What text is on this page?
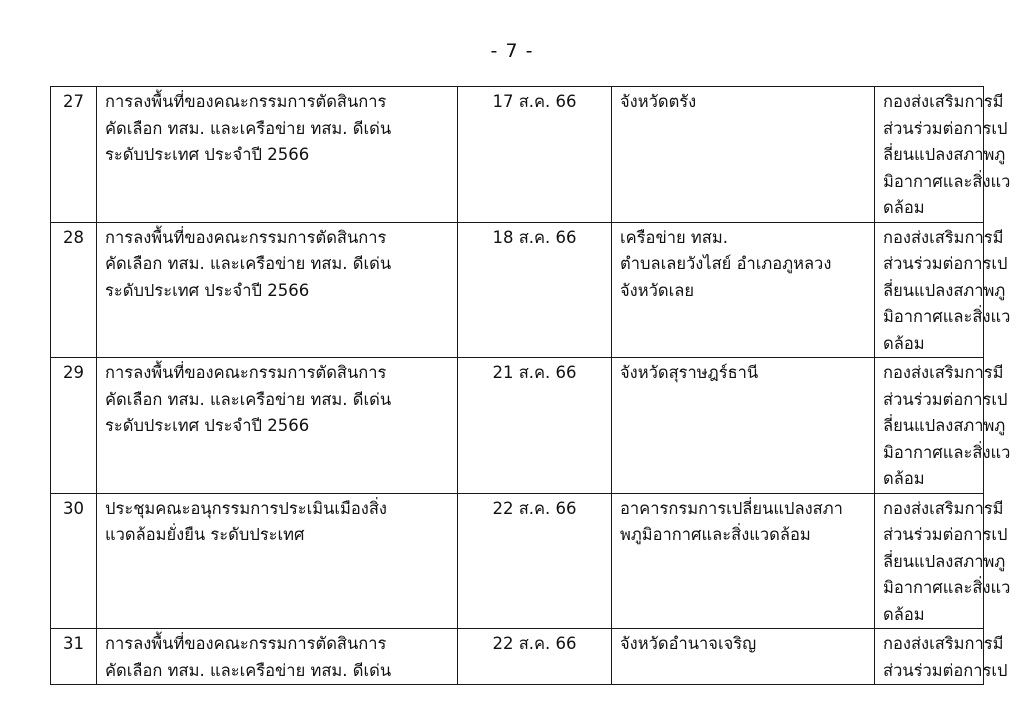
- 7 -
27	การลงพื้นที่ของคณะกรรมการตัดสินการ
คัดเลือก ทสม. และเครือข่าย ทสม. ดีเด่น
ระดับประเทศ ประจำปี 2566	17 ส.ค. 66	จังหวัดตรัง	กองส่งเสริมการมี
ส่วนร่วมต่อการเป
ลี่ยนแปลงสภาพภู
มิอากาศและสิ่งแว
ดล้อม

28	การลงพื้นที่ของคณะกรรมการตัดสินการ
คัดเลือก ทสม. และเครือข่าย ทสม. ดีเด่น
ระดับประเทศ ประจำปี 2566	18 ส.ค. 66	เครือข่าย ทสม.
ตำบลเลยวังไสย์ อำเภอภูหลวง
จังหวัดเลย	กองส่งเสริมการมี
ส่วนร่วมต่อการเป
ลี่ยนแปลงสภาพภู
มิอากาศและสิ่งแว
ดล้อม

29	การลงพื้นที่ของคณะกรรมการตัดสินการ
คัดเลือก ทสม. และเครือข่าย ทสม. ดีเด่น
ระดับประเทศ ประจำปี 2566	21 ส.ค. 66	จังหวัดสุราษฎร์ธานี	กองส่งเสริมการมี
ส่วนร่วมต่อการเป
ลี่ยนแปลงสภาพภู
มิอากาศและสิ่งแว
ดล้อม

30	ประชุมคณะอนุกรรมการประเมินเมืองสิ่ง
แวดล้อมยั่งยืน ระดับประเทศ	22 ส.ค. 66	อาคารกรมการเปลี่ยนแปลงสภา
พภูมิอากาศและสิ่งแวดล้อม	กองส่งเสริมการมี
ส่วนร่วมต่อการเป
ลี่ยนแปลงสภาพภู
มิอากาศและสิ่งแว
ดล้อม

31	การลงพื้นที่ของคณะกรรมการตัดสินการ
คัดเลือก ทสม. และเครือข่าย ทสม. ดีเด่น	22 ส.ค. 66	จังหวัดอำนาจเจริญ	กองส่งเสริมการมี
ส่วนร่วมต่อการเป
